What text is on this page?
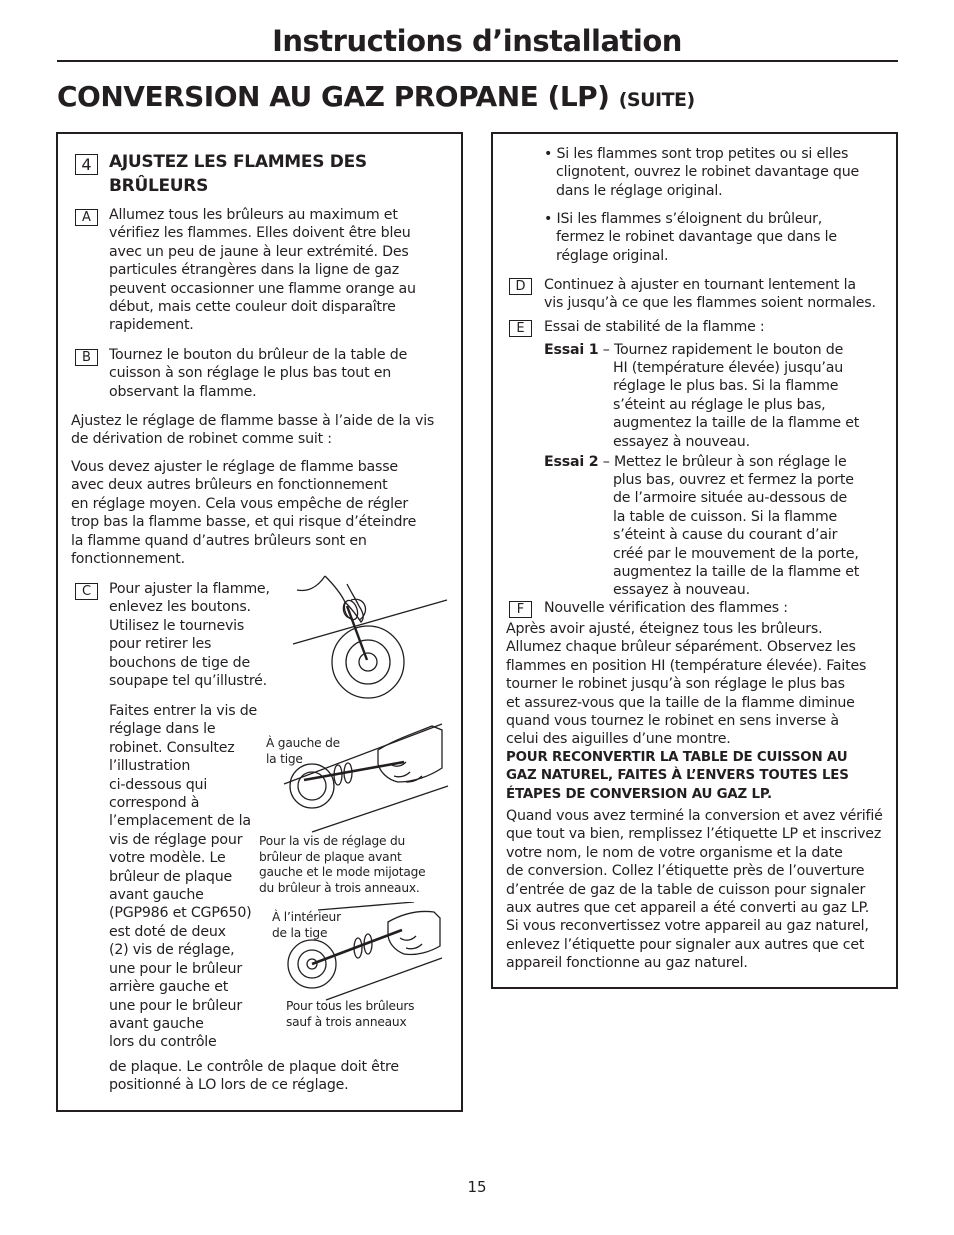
Instructions d’installation
CONVERSION AU GAZ PROPANE (LP) (SUITE)
4	AJUSTEZ LES FLAMMES DES
BRÛLEURS
A	Allumez tous les brûleurs au maximum et
vérifiez les flammes. Elles doivent être bleu
avec un peu de jaune à leur extrémité. Des
particules étrangères dans la ligne de gaz
peuvent occasionner une flamme orange au
début, mais cette couleur doit disparaître
rapidement.
B	Tournez le bouton du brûleur de la table de
cuisson à son réglage le plus bas tout en
observant la flamme.
Ajustez le réglage de flamme basse à l’aide de la vis
de dérivation de robinet comme suit :
Vous devez ajuster le réglage de flamme basse
avec deux autres brûleurs en fonctionnement
en réglage moyen. Cela vous empêche de régler
trop bas la flamme basse, et qui risque d’éteindre
la flamme quand d’autres brûleurs sont en
fonctionnement.
C	Pour ajuster la flamme,
enlevez les boutons.
Utilisez le tournevis
pour retirer les
bouchons de tige de
soupape tel qu’illustré.
Faites entrer la vis de
réglage dans le
robinet. Consultez
l’illustration
ci-dessous qui
correspond à
l’emplacement de la
vis de réglage pour
votre modèle. Le
brûleur de plaque
avant gauche
(PGP986 et CGP650)
est doté de deux
(2) vis de réglage,
une pour le brûleur
arrière gauche et
une pour le brûleur
avant gauche
lors du contrôle
de plaque. Le contrôle de plaque doit être
positionné à LO lors de ce réglage.
À gauche de
la tige
Pour la vis de réglage du
brûleur de plaque avant
gauche et le mode mijotage
du brûleur à trois anneaux.
À l’intérieur
de la tige
Pour tous les brûleurs
sauf à trois anneaux
• Si les flammes sont trop petites ou si elles
clignotent, ouvrez le robinet davantage que
dans le réglage original.
• ISi les flammes s’éloignent du brûleur,
fermez le robinet davantage que dans le
réglage original.
D	Continuez à ajuster en tournant lentement la
vis jusqu’à ce que les flammes soient normales.
E	Essai de stabilité de la flamme :
Essai 1 – Tournez rapidement le bouton de
HI (température élevée) jusqu’au
réglage le plus bas. Si la flamme
s’éteint au réglage le plus bas,
augmentez la taille de la flamme et
essayez à nouveau.
Essai 2 – Mettez le brûleur à son réglage le
plus bas, ouvrez et fermez la porte
de l’armoire située au-dessous de
la table de cuisson. Si la flamme
s’éteint à cause du courant d’air
créé par le mouvement de la porte,
augmentez la taille de la flamme et
essayez à nouveau.
F	Nouvelle vérification des flammes :
Après avoir ajusté, éteignez tous les brûleurs.
Allumez chaque brûleur séparément. Observez les
flammes en position HI (température élevée). Faites
tourner le robinet jusqu’à son réglage le plus bas
et assurez-vous que la taille de la flamme diminue
quand vous tournez le robinet en sens inverse à
celui des aiguilles d’une montre.
POUR RECONVERTIR LA TABLE DE CUISSON AU
GAZ NATUREL, FAITES À L’ENVERS TOUTES LES
ÉTAPES DE CONVERSION AU GAZ LP.
Quand vous avez terminé la conversion et avez vérifié
que tout va bien, remplissez l’étiquette LP et inscrivez
votre nom, le nom de votre organisme et la date
de conversion. Collez l’étiquette près de l’ouverture
d’entrée de gaz de la table de cuisson pour signaler
aux autres que cet appareil a été converti au gaz LP.
Si vous reconvertissez votre appareil au gaz naturel,
enlevez l’étiquette pour signaler aux autres que cet
appareil fonctionne au gaz naturel.
15
